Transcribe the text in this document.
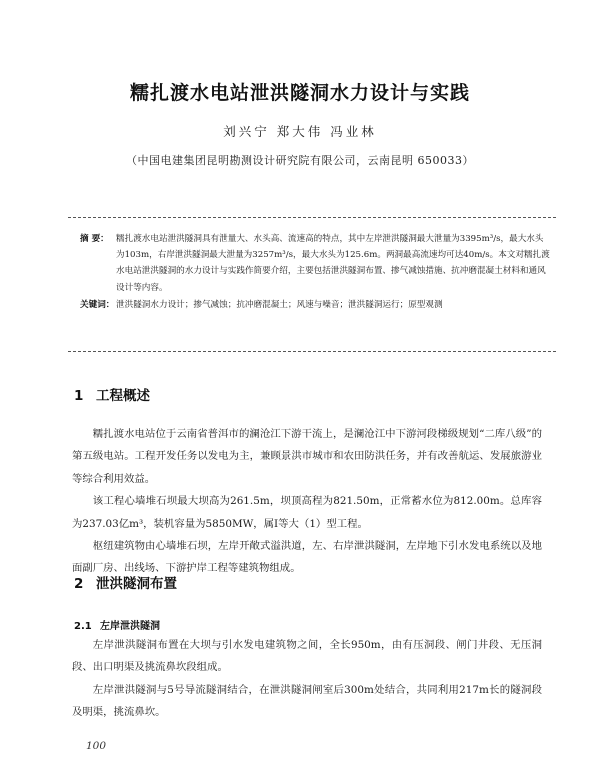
糯扎渡水电站泄洪隧洞水力设计与实践
刘兴宁 郑大伟 冯业林
（中国电建集团昆明勘测设计研究院有限公司，云南昆明 650033）
摘 要： 糯扎渡水电站泄洪隧洞具有泄量大、水头高、流速高的特点，其中左岸泄洪隧洞最大泄量为3395m³/s，最大水头为103m，右岸泄洪隧洞最大泄量为3257m³/s，最大水头为125.6m。两洞最高流速均可达40m/s。本文对糯扎渡水电站泄洪隧洞的水力设计与实践作简要介绍，主要包括泄洪隧洞布置、掺气减蚀措施、抗冲磨混凝土材料和通风设计等内容。
关键词： 泄洪隧洞水力设计；掺气减蚀；抗冲磨混凝土；风速与噪音；泄洪隧洞运行；原型观测
1 工程概述

糯扎渡水电站位于云南省普洱市的澜沧江下游干流上，是澜沧江中下游河段梯级规划“二库八级”的第五级电站。工程开发任务以发电为主，兼顾景洪市城市和农田防洪任务，并有改善航运、发展旅游业等综合利用效益。

该工程心墙堆石坝最大坝高为261.5m，坝顶高程为821.50m，正常蓄水位为812.00m。总库容为237.03亿m³，装机容量为5850MW，属Ⅰ等大（1）型工程。

枢纽建筑物由心墙堆石坝，左岸开敞式溢洪道，左、右岸泄洪隧洞，左岸地下引水发电系统以及地面副厂房、出线场、下游护岸工程等建筑物组成。

2 泄洪隧洞布置
2.1 左岸泄洪隧洞

左岸泄洪隧洞布置在大坝与引水发电建筑物之间，全长950m，由有压洞段、闸门井段、无压洞段、出口明渠及挑流鼻坎段组成。

左岸泄洪隧洞与5号导流隧洞结合，在泄洪隧洞闸室后300m处结合，共同利用217m长的隧洞段及明渠，挑流鼻坎。

100
